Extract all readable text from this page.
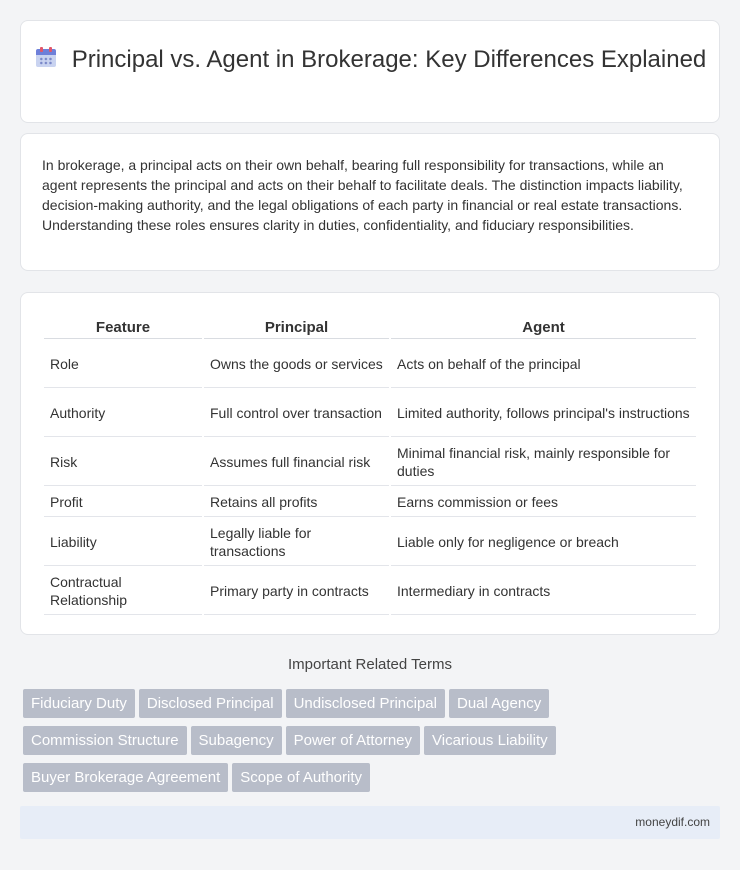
Principal vs. Agent in Brokerage: Key Differences Explained

In brokerage, a principal acts on their own behalf, bearing full responsibility for transactions, while an agent represents the principal and acts on their behalf to facilitate deals. The distinction impacts liability, decision-making authority, and the legal obligations of each party in financial or real estate transactions. Understanding these roles ensures clarity in duties, confidentiality, and fiduciary responsibilities.

Feature	Principal	Agent
Role	Owns the goods or services	Acts on behalf of the principal
Authority	Full control over transaction	Limited authority, follows principal's instructions
Risk	Assumes full financial risk	Minimal financial risk, mainly responsible for duties
Profit	Retains all profits	Earns commission or fees
Liability	Legally liable for transactions	Liable only for negligence or breach
Contractual Relationship	Primary party in contracts	Intermediary in contracts
Important Related Terms
Fiduciary Duty Disclosed Principal Undisclosed Principal Dual Agency
Commission Structure Subagency Power of Attorney Vicarious Liability
Buyer Brokerage Agreement Scope of Authority
moneydif.com
